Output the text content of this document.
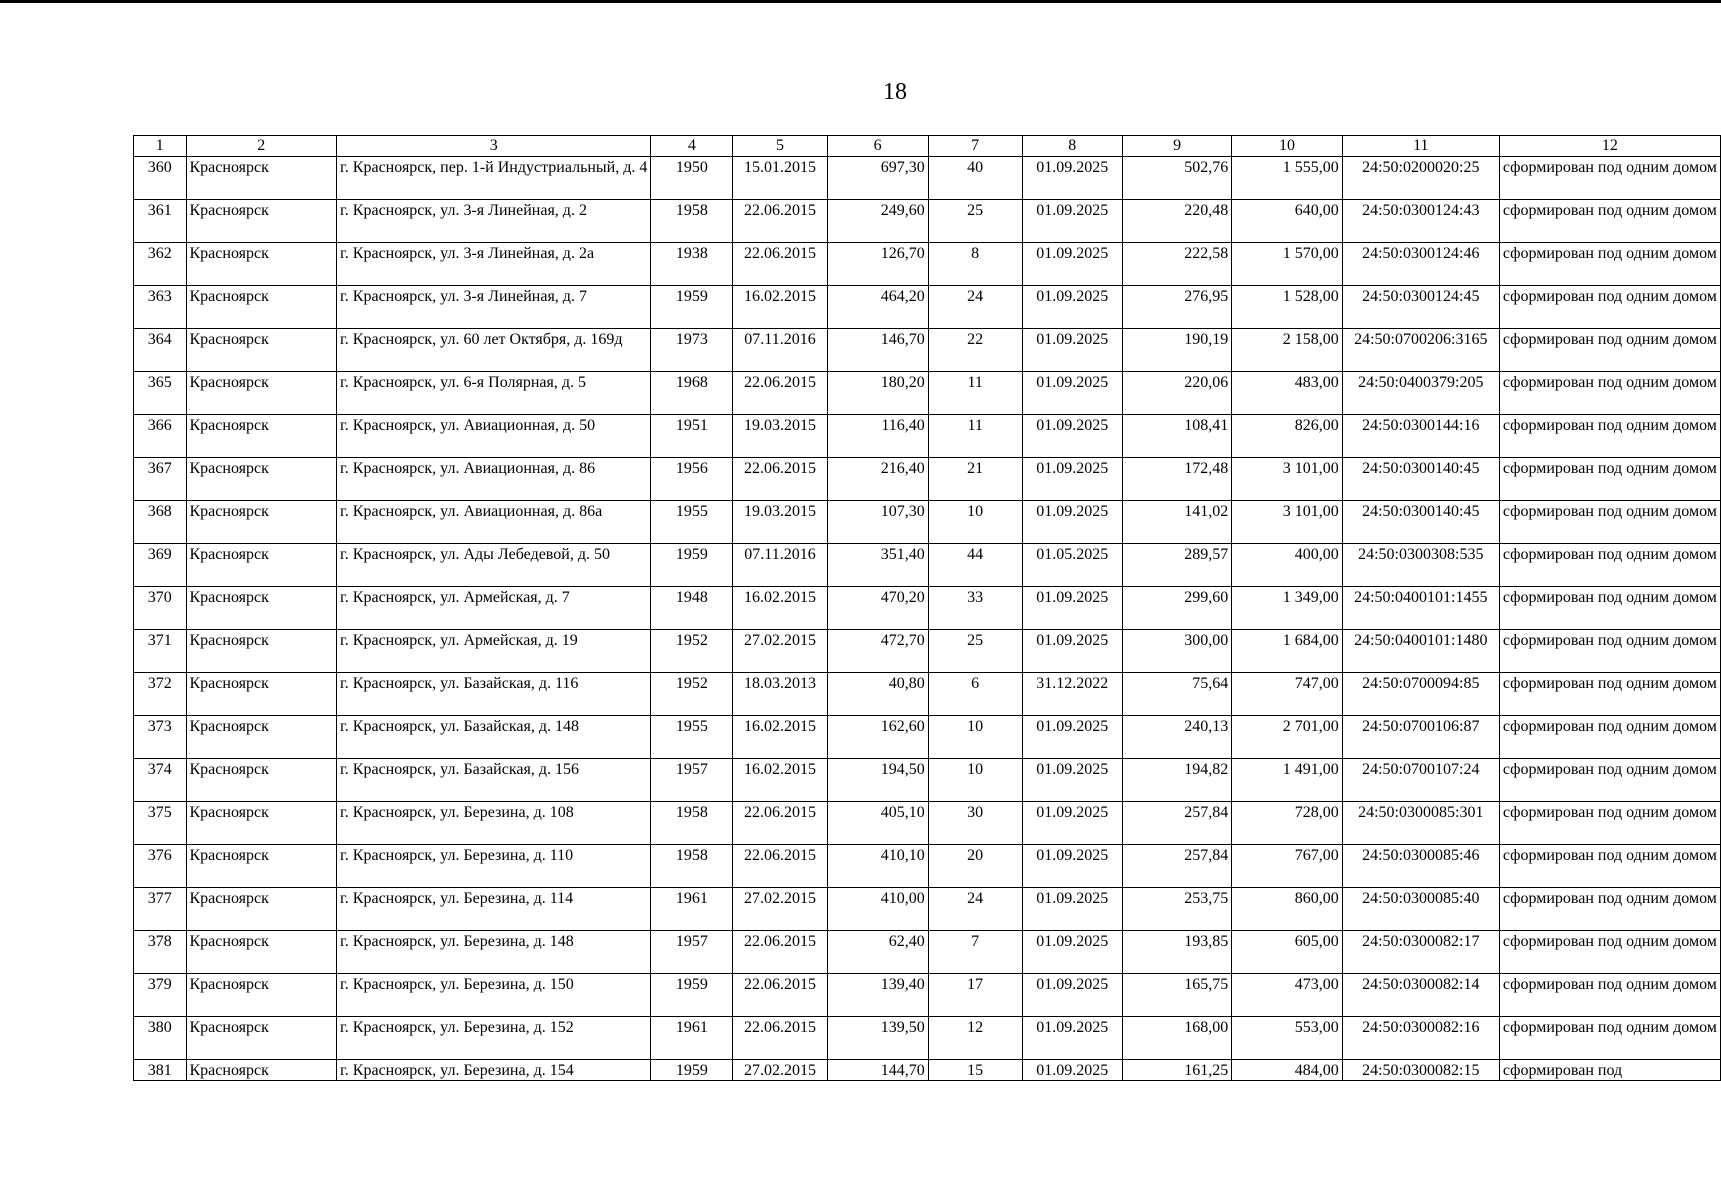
18
1	2	3	4	5	6	7	8	9	10	11	12
360	Красноярск	г. Красноярск, пер. 1-й Индустриальный, д. 4	1950	15.01.2015	697,30	40	01.09.2025	502,76	1 555,00	24:50:0200020:25	сформирован под одним домом
361	Красноярск	г. Красноярск, ул. 3-я Линейная, д. 2	1958	22.06.2015	249,60	25	01.09.2025	220,48	640,00	24:50:0300124:43	сформирован под одним домом
362	Красноярск	г. Красноярск, ул. 3-я Линейная, д. 2а	1938	22.06.2015	126,70	8	01.09.2025	222,58	1 570,00	24:50:0300124:46	сформирован под одним домом
363	Красноярск	г. Красноярск, ул. 3-я Линейная, д. 7	1959	16.02.2015	464,20	24	01.09.2025	276,95	1 528,00	24:50:0300124:45	сформирован под одним домом
364	Красноярск	г. Красноярск, ул. 60 лет Октября, д. 169д	1973	07.11.2016	146,70	22	01.09.2025	190,19	2 158,00	24:50:0700206:3165	сформирован под одним домом
365	Красноярск	г. Красноярск, ул. 6-я Полярная, д. 5	1968	22.06.2015	180,20	11	01.09.2025	220,06	483,00	24:50:0400379:205	сформирован под одним домом
366	Красноярск	г. Красноярск, ул. Авиационная, д. 50	1951	19.03.2015	116,40	11	01.09.2025	108,41	826,00	24:50:0300144:16	сформирован под одним домом
367	Красноярск	г. Красноярск, ул. Авиационная, д. 86	1956	22.06.2015	216,40	21	01.09.2025	172,48	3 101,00	24:50:0300140:45	сформирован под одним домом
368	Красноярск	г. Красноярск, ул. Авиационная, д. 86а	1955	19.03.2015	107,30	10	01.09.2025	141,02	3 101,00	24:50:0300140:45	сформирован под одним домом
369	Красноярск	г. Красноярск, ул. Ады Лебедевой, д. 50	1959	07.11.2016	351,40	44	01.05.2025	289,57	400,00	24:50:0300308:535	сформирован под одним домом
370	Красноярск	г. Красноярск, ул. Армейская, д. 7	1948	16.02.2015	470,20	33	01.09.2025	299,60	1 349,00	24:50:0400101:1455	сформирован под одним домом
371	Красноярск	г. Красноярск, ул. Армейская, д. 19	1952	27.02.2015	472,70	25	01.09.2025	300,00	1 684,00	24:50:0400101:1480	сформирован под одним домом
372	Красноярск	г. Красноярск, ул. Базайская, д. 116	1952	18.03.2013	40,80	6	31.12.2022	75,64	747,00	24:50:0700094:85	сформирован под одним домом
373	Красноярск	г. Красноярск, ул. Базайская, д. 148	1955	16.02.2015	162,60	10	01.09.2025	240,13	2 701,00	24:50:0700106:87	сформирован под одним домом
374	Красноярск	г. Красноярск, ул. Базайская, д. 156	1957	16.02.2015	194,50	10	01.09.2025	194,82	1 491,00	24:50:0700107:24	сформирован под одним домом
375	Красноярск	г. Красноярск, ул. Березина, д. 108	1958	22.06.2015	405,10	30	01.09.2025	257,84	728,00	24:50:0300085:301	сформирован под одним домом
376	Красноярск	г. Красноярск, ул. Березина, д. 110	1958	22.06.2015	410,10	20	01.09.2025	257,84	767,00	24:50:0300085:46	сформирован под одним домом
377	Красноярск	г. Красноярск, ул. Березина, д. 114	1961	27.02.2015	410,00	24	01.09.2025	253,75	860,00	24:50:0300085:40	сформирован под одним домом
378	Красноярск	г. Красноярск, ул. Березина, д. 148	1957	22.06.2015	62,40	7	01.09.2025	193,85	605,00	24:50:0300082:17	сформирован под одним домом
379	Красноярск	г. Красноярск, ул. Березина, д. 150	1959	22.06.2015	139,40	17	01.09.2025	165,75	473,00	24:50:0300082:14	сформирован под одним домом
380	Красноярск	г. Красноярск, ул. Березина, д. 152	1961	22.06.2015	139,50	12	01.09.2025	168,00	553,00	24:50:0300082:16	сформирован под одним домом
381	Красноярск	г. Красноярск, ул. Березина, д. 154	1959	27.02.2015	144,70	15	01.09.2025	161,25	484,00	24:50:0300082:15	сформирован под
